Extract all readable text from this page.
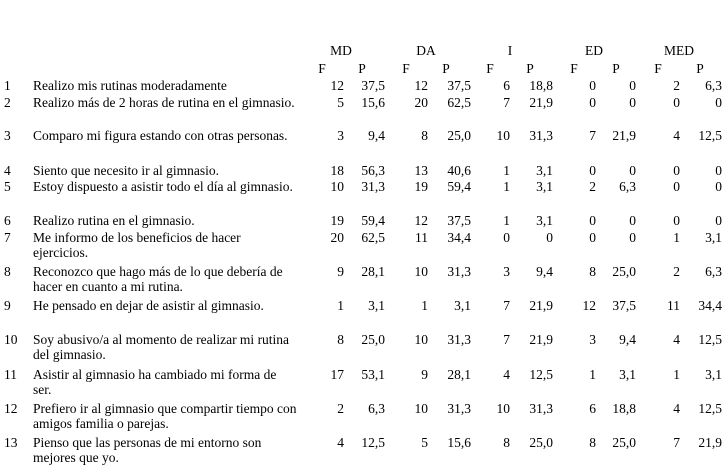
MD	DA	I	ED	MED
F	P	F	P	F	P	F	P	F	P
1 Realizo mis rutinas moderadamente	12	37,5	12	37,5	6	18,8	0	0	2	6,3
2 Realizo más de 2 horas de rutina en el gimnasio.	5	15,6	20	62,5	7	21,9	0	0	0	0
3 Comparo mi figura estando con otras personas.	3	9,4	8	25,0	10	31,3	7	21,9	4	12,5
4 Siento que necesito ir al gimnasio.	18	56,3	13	40,6	1	3,1	0	0	0	0
5 Estoy dispuesto a asistir todo el día al gimnasio.	10	31,3	19	59,4	1	3,1	2	6,3	0	0
6 Realizo rutina en el gimnasio.	19	59,4	12	37,5	1	3,1	0	0	0	0
7 Me informo de los beneficios de hacer ejercicios.
20	62,5	11	34,4	0	0	0	0	1	3,1
8 Reconozco que hago más de lo que debería de hacer en cuanto a mi rutina.
9	28,1	10	31,3	3	9,4	8	25,0	2	6,3
9 He pensado en dejar de asistir al gimnasio.	1	3,1	1	3,1	7	21,9	12	37,5	11	34,4
10 Soy abusivo/a al momento de realizar mi rutina del gimnasio.
8	25,0	10	31,3	7	21,9	3	9,4	4	12,5
11 Asistir al gimnasio ha cambiado mi forma de ser.
17	53,1	9	28,1	4	12,5	1	3,1	1	3,1
12 Prefiero ir al gimnasio que compartir tiempo con amigos familia o parejas.
2	6,3	10	31,3	10	31,3	6	18,8	4	12,5
13 Pienso que las personas de mi entorno son mejores que yo.
4	12,5	5	15,6	8	25,0	8	25,0	7	21,9
